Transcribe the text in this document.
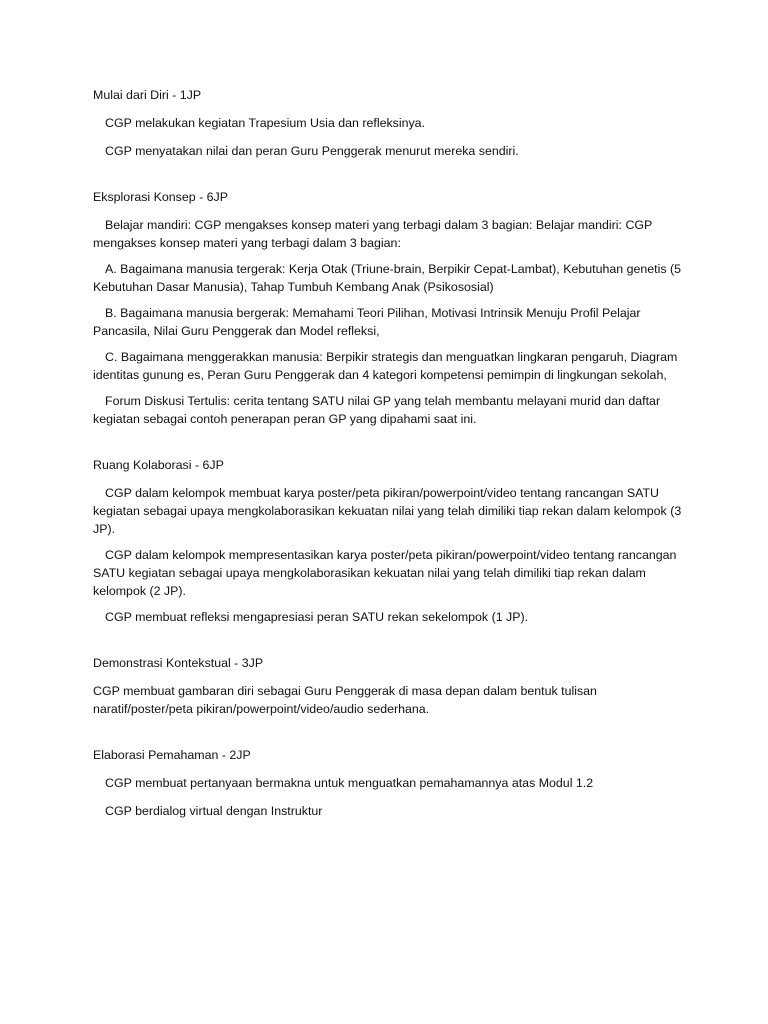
Mulai dari Diri - 1JP

CGP melakukan kegiatan Trapesium Usia dan refleksinya.

CGP menyatakan nilai dan peran Guru Penggerak menurut mereka sendiri.

Eksplorasi Konsep - 6JP

Belajar mandiri: CGP mengakses konsep materi yang terbagi dalam 3 bagian: Belajar mandiri: CGP mengakses konsep materi yang terbagi dalam 3 bagian:

A. Bagaimana manusia tergerak: Kerja Otak (Triune-brain, Berpikir Cepat-Lambat), Kebutuhan genetis (5 Kebutuhan Dasar Manusia), Tahap Tumbuh Kembang Anak (Psikososial)

B. Bagaimana manusia bergerak: Memahami Teori Pilihan, Motivasi Intrinsik Menuju Profil Pelajar Pancasila, Nilai Guru Penggerak dan Model refleksi,

C. Bagaimana menggerakkan manusia: Berpikir strategis dan menguatkan lingkaran pengaruh, Diagram identitas gunung es, Peran Guru Penggerak dan 4 kategori kompetensi pemimpin di lingkungan sekolah,

Forum Diskusi Tertulis: cerita tentang SATU nilai GP yang telah membantu melayani murid dan daftar kegiatan sebagai contoh penerapan peran GP yang dipahami saat ini.

Ruang Kolaborasi - 6JP

CGP dalam kelompok membuat karya poster/peta pikiran/powerpoint/video tentang rancangan SATU kegiatan sebagai upaya mengkolaborasikan kekuatan nilai yang telah dimiliki tiap rekan dalam kelompok (3 JP).

CGP dalam kelompok mempresentasikan karya poster/peta pikiran/powerpoint/video tentang rancangan SATU kegiatan sebagai upaya mengkolaborasikan kekuatan nilai yang telah dimiliki tiap rekan dalam kelompok (2 JP).

CGP membuat refleksi mengapresiasi peran SATU rekan sekelompok (1 JP).

Demonstrasi Kontekstual - 3JP

CGP membuat gambaran diri sebagai Guru Penggerak di masa depan dalam bentuk tulisan naratif/poster/peta pikiran/powerpoint/video/audio sederhana.

Elaborasi Pemahaman - 2JP

CGP membuat pertanyaan bermakna untuk menguatkan pemahamannya atas Modul 1.2

CGP berdialog virtual dengan Instruktur
